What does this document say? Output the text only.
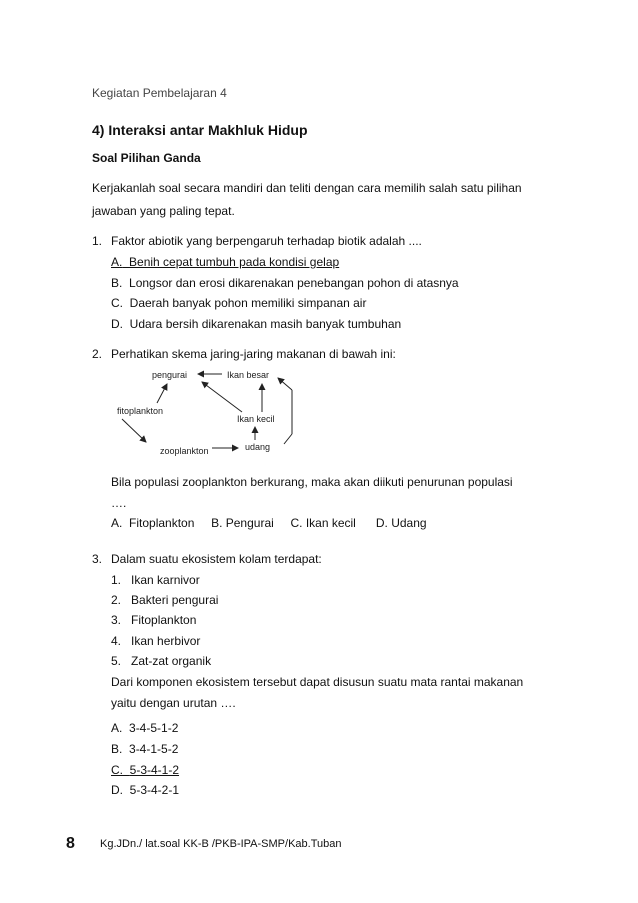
Kegiatan Pembelajaran 4
4) Interaksi antar Makhluk Hidup
Soal Pilihan Ganda
Kerjakanlah soal secara mandiri dan teliti dengan cara memilih salah satu pilihan
jawaban yang paling tepat.
1. Faktor abiotik yang berpengaruh terhadap biotik adalah ....
A. Benih cepat tumbuh pada kondisi gelap
B. Longsor dan erosi dikarenakan penebangan pohon di atasnya
C. Daerah banyak pohon memiliki simpanan air
D. Udara bersih dikarenakan masih banyak tumbuhan
2. Perhatikan skema jaring-jaring makanan di bawah ini:
pengurai	Ikan besar
fitoplankton
Ikan kecil
zooplankton	udang
Bila populasi zooplankton berkurang, maka akan diikuti penurunan populasi
….
A. Fitoplankton B. Pengurai C. Ikan kecil D. Udang
3. Dalam suatu ekosistem kolam terdapat:
1. Ikan karnivor
2. Bakteri pengurai
3. Fitoplankton
4. Ikan herbivor
5. Zat-zat organik
Dari komponen ekosistem tersebut dapat disusun suatu mata rantai makanan
yaitu dengan urutan ….
A. 3-4-5-1-2
B. 3-4-1-5-2
C. 5-3-4-1-2
D. 5-3-4-2-1
8 Kg.JDn./ lat.soal KK-B /PKB-IPA-SMP/Kab.Tuban
